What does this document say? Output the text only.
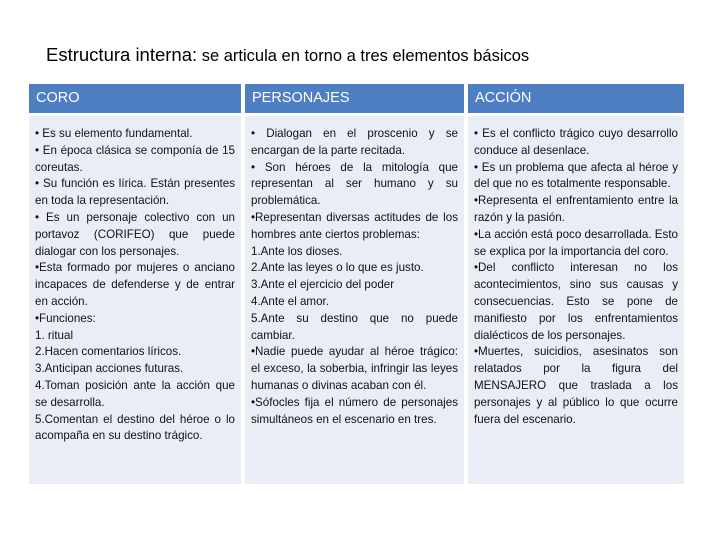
Estructura interna: se articula en torno a tres elementos básicos
CORO	PERSONAJES	ACCIÓN
• Es su elemento fundamental.
• En época clásica se componía de 15 coreutas.
• Su función es lírica. Están presentes en toda la representación.
• Es un personaje colectivo con un portavoz (CORIFEO) que puede dialogar con los personajes.
•Esta formado por mujeres o anciano incapaces de defenderse y de entrar en acción.
•Funciones:
1. ritual
2.Hacen comentarios líricos.
3.Anticipan acciones futuras.
4.Toman posición ante la acción que se desarrolla.
5.Comentan el destino del héroe o lo acompaña en su destino trágico.
• Dialogan en el proscenio y se encargan de la parte recitada.
• Son héroes de la mitología que representan al ser humano y su problemática.
•Representan diversas actitudes de los hombres ante ciertos problemas:
1.Ante los dioses.
2.Ante las leyes o lo que es justo.
3.Ante el ejercicio del poder
4.Ante el amor.
5.Ante su destino que no puede cambiar.
•Nadie puede ayudar al héroe trágico: el exceso, la soberbia, infringir las leyes humanas o divinas acaban con él.
•Sófocles fija el número de personajes simultáneos en el escenario en tres.
• Es el conflicto trágico cuyo desarrollo conduce al desenlace.
• Es un problema que afecta al héroe y del que no es totalmente responsable.
•Representa el enfrentamiento entre la razón y la pasión.
•La acción está poco desarrollada. Esto se explica por la importancia del coro.
•Del conflicto interesan no los acontecimientos, sino sus causas y consecuencias. Esto se pone de manifiesto por los enfrentamientos dialécticos de los personajes.
•Muertes, suicidios, asesinatos son relatados por la figura del MENSAJERO que traslada a los personajes y al público lo que ocurre fuera del escenario.
